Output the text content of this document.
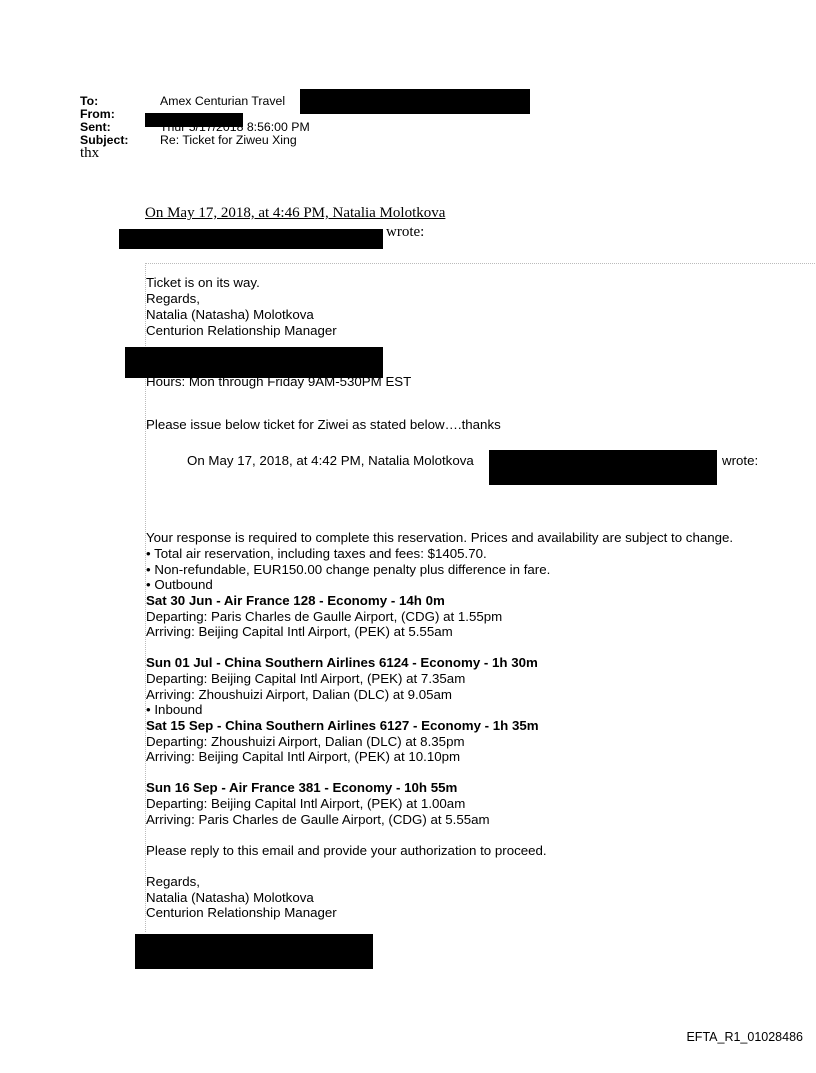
To:	Amex Centurian Travel
From:
Sent:	Thur 5/17/2018 8:56:00 PM
Subject:	Re: Ticket for Ziweu Xing
thx
On May 17, 2018, at 4:46 PM, Natalia Molotkova
wrote:
Ticket is on its way.
Regards,
Natalia (Natasha) Molotkova
Centurion Relationship Manager
Hours: Mon through Friday 9AM-530PM EST
Please issue below ticket for Ziwei as stated below….thanks
On May 17, 2018, at 4:42 PM, Natalia Molotkova	wrote:
Your response is required to complete this reservation. Prices and availability are subject to change.
• Total air reservation, including taxes and fees: $1405.70.
• Non-refundable, EUR150.00 change penalty plus difference in fare.
• Outbound
Sat 30 Jun - Air France 128 - Economy - 14h 0m
Departing: Paris Charles de Gaulle Airport, (CDG) at 1.55pm
Arriving: Beijing Capital Intl Airport, (PEK) at 5.55am
Sun 01 Jul - China Southern Airlines 6124 - Economy - 1h 30m
Departing: Beijing Capital Intl Airport, (PEK) at 7.35am
Arriving: Zhoushuizi Airport, Dalian (DLC) at 9.05am
• Inbound
Sat 15 Sep - China Southern Airlines 6127 - Economy - 1h 35m
Departing: Zhoushuizi Airport, Dalian (DLC) at 8.35pm
Arriving: Beijing Capital Intl Airport, (PEK) at 10.10pm
Sun 16 Sep - Air France 381 - Economy - 10h 55m
Departing: Beijing Capital Intl Airport, (PEK) at 1.00am
Arriving: Paris Charles de Gaulle Airport, (CDG) at 5.55am
Please reply to this email and provide your authorization to proceed.
Regards,
Natalia (Natasha) Molotkova
Centurion Relationship Manager
EFTA_R1_01028486
